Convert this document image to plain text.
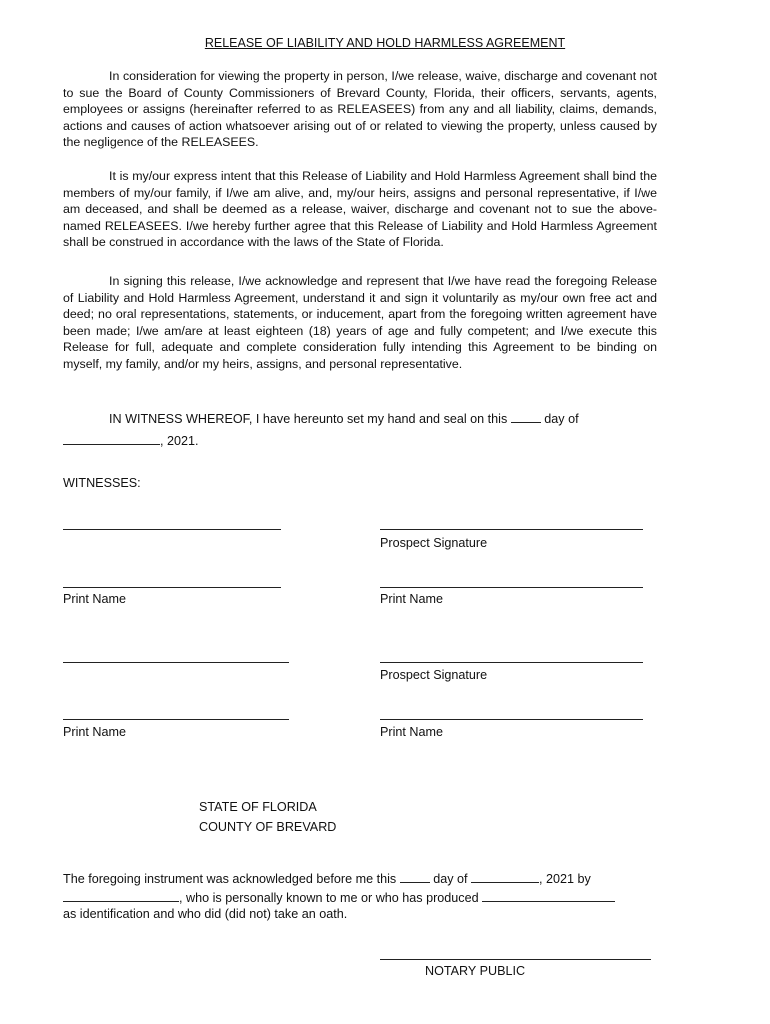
RELEASE OF LIABILITY AND HOLD HARMLESS AGREEMENT

In consideration for viewing the property in person, I/we release, waive, discharge and covenant not to sue the Board of County Commissioners of Brevard County, Florida, their officers, servants, agents, employees or assigns (hereinafter referred to as RELEASEES) from any and all liability, claims, demands, actions and causes of action whatsoever arising out of or related to viewing the property, unless caused by the negligence of the RELEASEES.

It is my/our express intent that this Release of Liability and Hold Harmless Agreement shall bind the members of my/our family, if I/we am alive, and, my/our heirs, assigns and personal representative, if I/we am deceased, and shall be deemed as a release, waiver, discharge and covenant not to sue the above-named RELEASEES. I/we hereby further agree that this Release of Liability and Hold Harmless Agreement shall be construed in accordance with the laws of the State of Florida.

In signing this release, I/we acknowledge and represent that I/we have read the foregoing Release of Liability and Hold Harmless Agreement, understand it and sign it voluntarily as my/our own free act and deed; no oral representations, statements, or inducement, apart from the foregoing written agreement have been made; I/we am/are at least eighteen (18) years of age and fully competent; and I/we execute this Release for full, adequate and complete consideration fully intending this Agreement to be binding on myself, my family, and/or my heirs, assigns, and personal representative.

IN WITNESS WHEREOF, I have hereunto set my hand and seal on this	day of
, 2021.
WITNESSES:
Prospect Signature
Print Name	Print Name
Prospect Signature
Print Name	Print Name
STATE OF FLORIDA
COUNTY OF BREVARD
The foregoing instrument was acknowledged before me this	day of	, 2021 by
, who is personally known to me or who has produced
as identification and who did (did not) take an oath.
NOTARY PUBLIC
